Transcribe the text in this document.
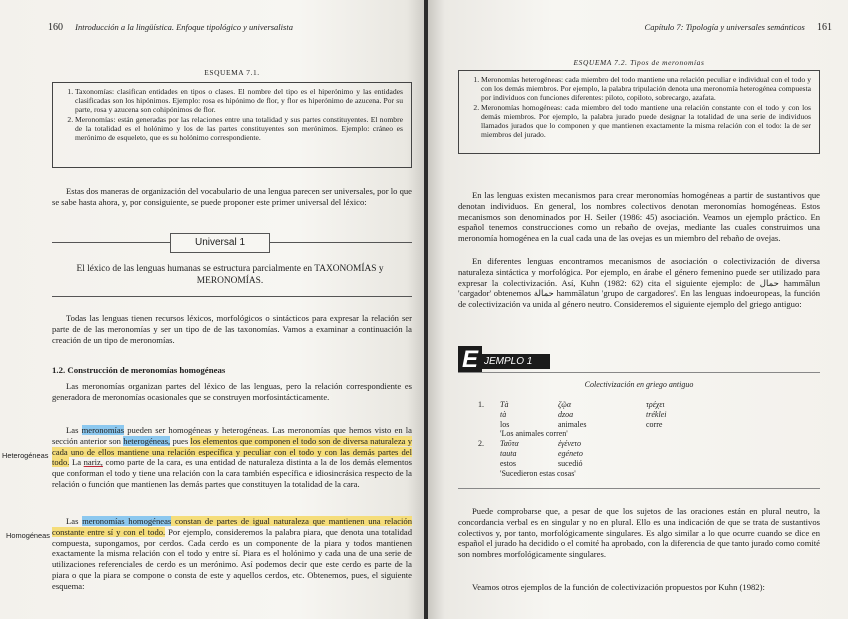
160 Introducción a la lingüística. Enfoque tipológico y universalista
ESQUEMA 7.1.
1. Taxonomías: clasifican entidades en tipos o clases. El nombre del tipo es el hiperónimo y las entidades clasificadas son los hipónimos. Ejemplo: rosa es hipónimo de flor, y flor es hiperónimo de azucena. Por su parte, rosa y azucena son cohipónimos de flor.
2. Meronomías: están generadas por las relaciones entre una totalidad y sus partes constituyentes. El nombre de la totalidad es el holónimo y los de las partes constituyentes son merónimos. Ejemplo: cráneo es merónimo de esqueleto, que es su holónimo correspondiente.

Estas dos maneras de organización del vocabulario de una lengua parecen ser universales, por lo que se sabe hasta ahora, y, por consiguiente, se puede proponer este primer universal del léxico:

Universal 1
El léxico de las lenguas humanas se estructura parcialmente en TAXONOMÍAS y MERONOMÍAS.

Todas las lenguas tienen recursos léxicos, morfológicos o sintácticos para expresar la relación ser parte de de las meronomías y ser un tipo de de las taxonomías. Vamos a examinar a continuación la creación de un tipo de meronomías.

1.2. Construcción de meronomías homogéneas

Las meronomías organizan partes del léxico de las lenguas, pero la relación correspondiente es generadora de meronomías ocasionales que se construyen morfosintácticamente.

Las meronomías pueden ser homogéneas y heterogéneas. Las meronomías que hemos visto en la sección anterior son heterogéneas, pues los elementos que componen el todo son de diversa naturaleza y cada uno de ellos mantiene una relación específica y peculiar con el todo y con las demás partes del todo. La nariz, como parte de la cara, es una entidad de naturaleza distinta a la de los demás elementos que conforman el todo y tiene una relación con la cara también específica e idiosincrásica respecto de la relación o función que mantienen las demás partes que constituyen la totalidad de la cara.

Las meronomías homogéneas constan de partes de igual naturaleza que mantienen una relación constante entre sí y con el todo. Por ejemplo, consideremos la palabra piara, que denota una totalidad compuesta, supongamos, por cerdos. Cada cerdo es un componente de la piara y todos mantienen exactamente la misma relación con el todo y entre sí. Piara es el holónimo y cada una de una serie de utilizaciones referenciales de cerdo es un merónimo. Así podemos decir que este cerdo es parte de la piara o que la piara se compone o consta de este y aquellos cerdos, etc. Obtenemos, pues, el siguiente esquema:

Heterogéneas
Homogéneas
Capítulo 7: Tipología y universales semánticos 161
ESQUEMA 7.2. Tipos de meronomías
1. Meronomías heterogéneas: cada miembro del todo mantiene una relación peculiar e individual con el todo y con los demás miembros. Por ejemplo, la palabra tripulación denota una meronomía heterogénea compuesta por individuos con funciones diferentes: piloto, copiloto, sobrecargo, azafata.
2. Meronomías homogéneas: cada miembro del todo mantiene una relación constante con el todo y con los demás miembros. Por ejemplo, la palabra jurado puede designar la totalidad de una serie de individuos llamados jurados que lo componen y que mantienen exactamente la misma relación con el todo: la de ser miembros del jurado.

En las lenguas existen mecanismos para crear meronomías homogéneas a partir de sustantivos que denotan individuos. En general, los nombres colectivos denotan meronomías homogéneas. Estos mecanismos son denominados por H. Seiler (1986: 45) asociación. Veamos un ejemplo práctico. En español tenemos construcciones como un rebaño de ovejas, mediante las cuales construimos una meronomía homogénea en la cual cada una de las ovejas es un miembro del rebaño de ovejas.

En diferentes lenguas encontramos mecanismos de asociación o colectivización de diversa naturaleza sintáctica y morfológica. Por ejemplo, en árabe el género femenino puede ser utilizado para expresar la colectivización. Así, Kuhn (1982: 62) cita el siguiente ejemplo: de حمال hammālun 'cargador' obtenemos حمالة hammālatun 'grupo de cargadores'. En las lenguas indoeuropeas, la función de colectivización va unida al género neutro. Consideremos el siguiente ejemplo del griego antiguo:

JEMPLO 1
E
Colectivización en griego antiguo
1.	Tà	ζῷα	τρέχει
tà	dzoa	tréklei
los	animales	corre
'Los animales corren'
2.	Ταῦτα	ἐγένετο
tauta	egéneto
estos	sucedió
'Sucedieron estas cosas'

Puede comprobarse que, a pesar de que los sujetos de las oraciones están en plural neutro, la concordancia verbal es en singular y no en plural. Ello es una indicación de que se trata de sustantivos colectivos y, por tanto, morfológicamente singulares. Es algo similar a lo que ocurre cuando se dice en español el jurado ha decidido o el comité ha aprobado, con la diferencia de que tanto jurado como comité son nombres morfológicamente singulares.

Veamos otros ejemplos de la función de colectivización propuestos por Kuhn (1982):
